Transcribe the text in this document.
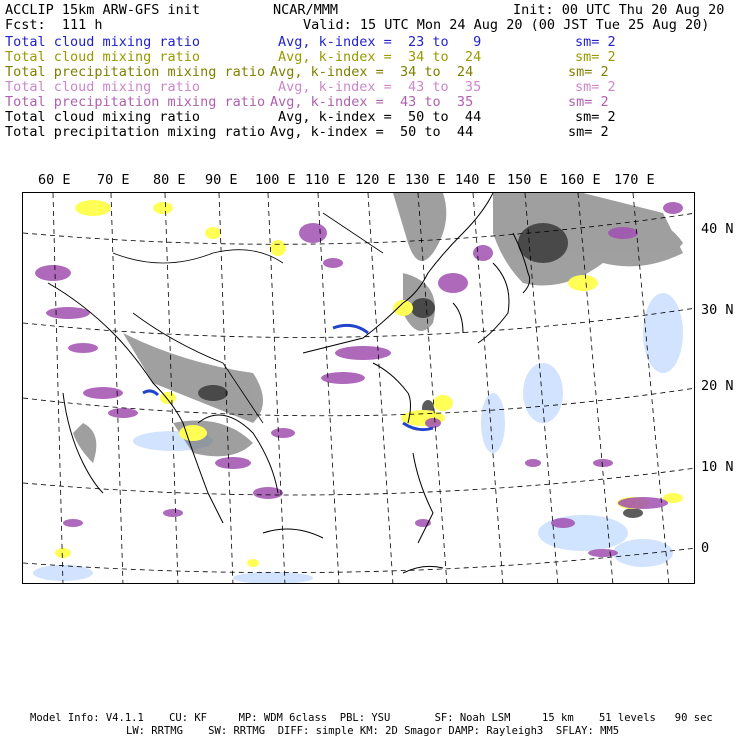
ACCLIP 15km ARW-GFS init	NCAR/MMM	Init: 00 UTC Thu 20 Aug 20
Fcst:  111 h	Valid: 15 UTC Mon 24 Aug 20 (00 JST Tue 25 Aug 20)
Total cloud mixing ratio	Avg, k-index =  23 to   9	sm= 2
Total cloud mixing ratio	Avg, k-index =  34 to  24	sm= 2
Total precipitation mixing ratio Avg, k-index =  34 to  24	sm= 2
Total cloud mixing ratio	Avg, k-index =  43 to  35	sm= 2
Total precipitation mixing ratio Avg, k-index =  43 to  35	sm= 2
Total cloud mixing ratio	Avg, k-index =  50 to  44	sm= 2
Total precipitation mixing ratio Avg, k-index =  50 to  44	sm= 2
60 E 70 E 80 E 90 E 100 E 110 E 120 E 130 E 140 E 150 E 160 E 170 E
40 N
30 N
20 N
10 N
0
Model Info: V4.1.1    CU: KF     MP: WDM 6class  PBL: YSU       SF: Noah LSM     15 km    51 levels   90 sec
LW: RRTMG    SW: RRTMG  DIFF: simple KM: 2D Smagor DAMP: Rayleigh3  SFLAY: MM5
